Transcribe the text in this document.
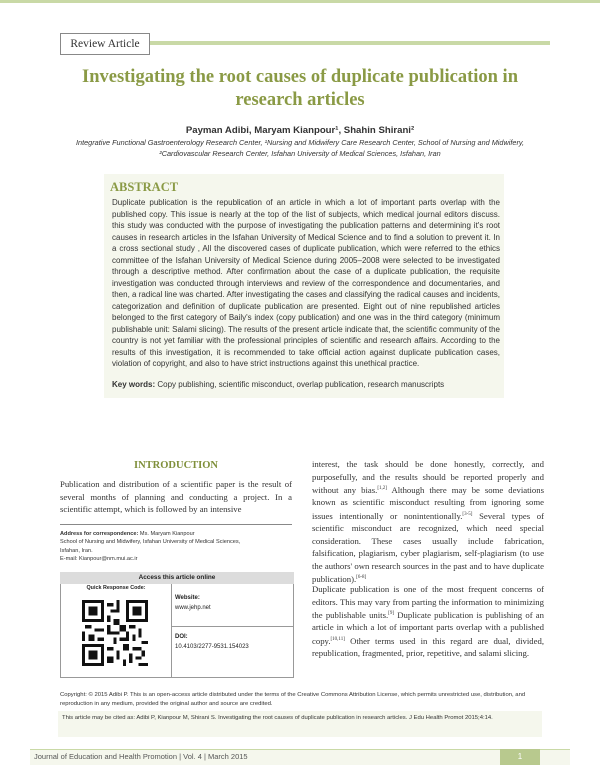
Review Article
Investigating the root causes of duplicate publication in research articles
Payman Adibi, Maryam Kianpour¹, Shahin Shirani²
Integrative Functional Gastroenterology Research Center, ¹Nursing and Midwifery Care Research Center, School of Nursing and Midwifery, ²Cardiovascular Research Center, Isfahan University of Medical Sciences, Isfahan, Iran
ABSTRACT

Duplicate publication is the republication of an article in which a lot of important parts overlap with the published copy. This issue is nearly at the top of the list of subjects, which medical journal editors discuss. this study was conducted with the purpose of investigating the publication patterns and determining it's root causes in research articles in the Isfahan University of Medical Science and to find a solution to prevent it. In a cross sectional study , All the discovered cases of duplicate publication, which were referred to the ethics committee of the Isfahan University of Medical Science during 2005–2008 were selected to be investigated through a descriptive method. After confirmation about the case of a duplicate publication, the requisite investigation was conducted through interviews and review of the correspondence and documentaries, and then, a radical line was charted. After investigating the cases and classifying the radical causes and incidents, categorization and definition of duplicate publication are presented. Eight out of nine republished articles belonged to the first category of Baily's index (copy publication) and one was in the third category (minimum publishable unit: Salami slicing). The results of the present article indicate that, the scientific community of the country is not yet familiar with the professional principles of scientific and research affairs. According to the results of this investigation, it is recommended to take official action against duplicate publication cases, violation of copyright, and also to have strict instructions against this unethical practice.

Key words: Copy publishing, scientific misconduct, overlap publication, research manuscripts
INTRODUCTION

Publication and distribution of a scientific paper is the result of several months of planning and conducting a project. In a scientific attempt, which is followed by an intensive

Address for correspondence: Ms. Maryam Kianpour
School of Nursing and Midwifery, Isfahan University of Medical Sciences,
Isfahan, Iran.
E-mail: Kianpour@nm.mui.ac.ir
Access this article online
Quick Response Code:
Website:
www.jehp.net
DOI:
10.4103/2277-9531.154023

interest, the task should be done honestly, correctly, and purposefully, and the results should be reported properly and without any bias.[1,2] Although there may be some deviations known as scientific misconduct resulting from ignoring some issues intentionally or nonintentionally.[3-5] Several types of scientific misconduct are recognized, which need special consideration. These cases usually include fabrication, falsification, plagiarism, cyber plagiarism, self-plagiarism (to use the authors' own research sources in the past and to have duplicate publication).[6-8]

Duplicate publication is one of the most frequent concerns of editors. This may vary from parting the information to minimizing the publishable units.[9] Duplicate publication is publishing of an article in which a lot of important parts overlap with a published copy.[10,11] Other terms used in this regard are dual, divided, republication, fragmented, prior, repetitive, and salami slicing.

Copyright: © 2015 Adibi P. This is an open-access article distributed under the terms of the Creative Commons Attribution License, which permits unrestricted use, distribution, and reproduction in any medium, provided the original author and source are credited.
This article may be cited as: Adibi P, Kianpour M, Shirani S. Investigating the root causes of duplicate publication in research articles. J Edu Health Promot 2015;4:14.
Journal of Education and Health Promotion | Vol. 4 | March 2015	1
